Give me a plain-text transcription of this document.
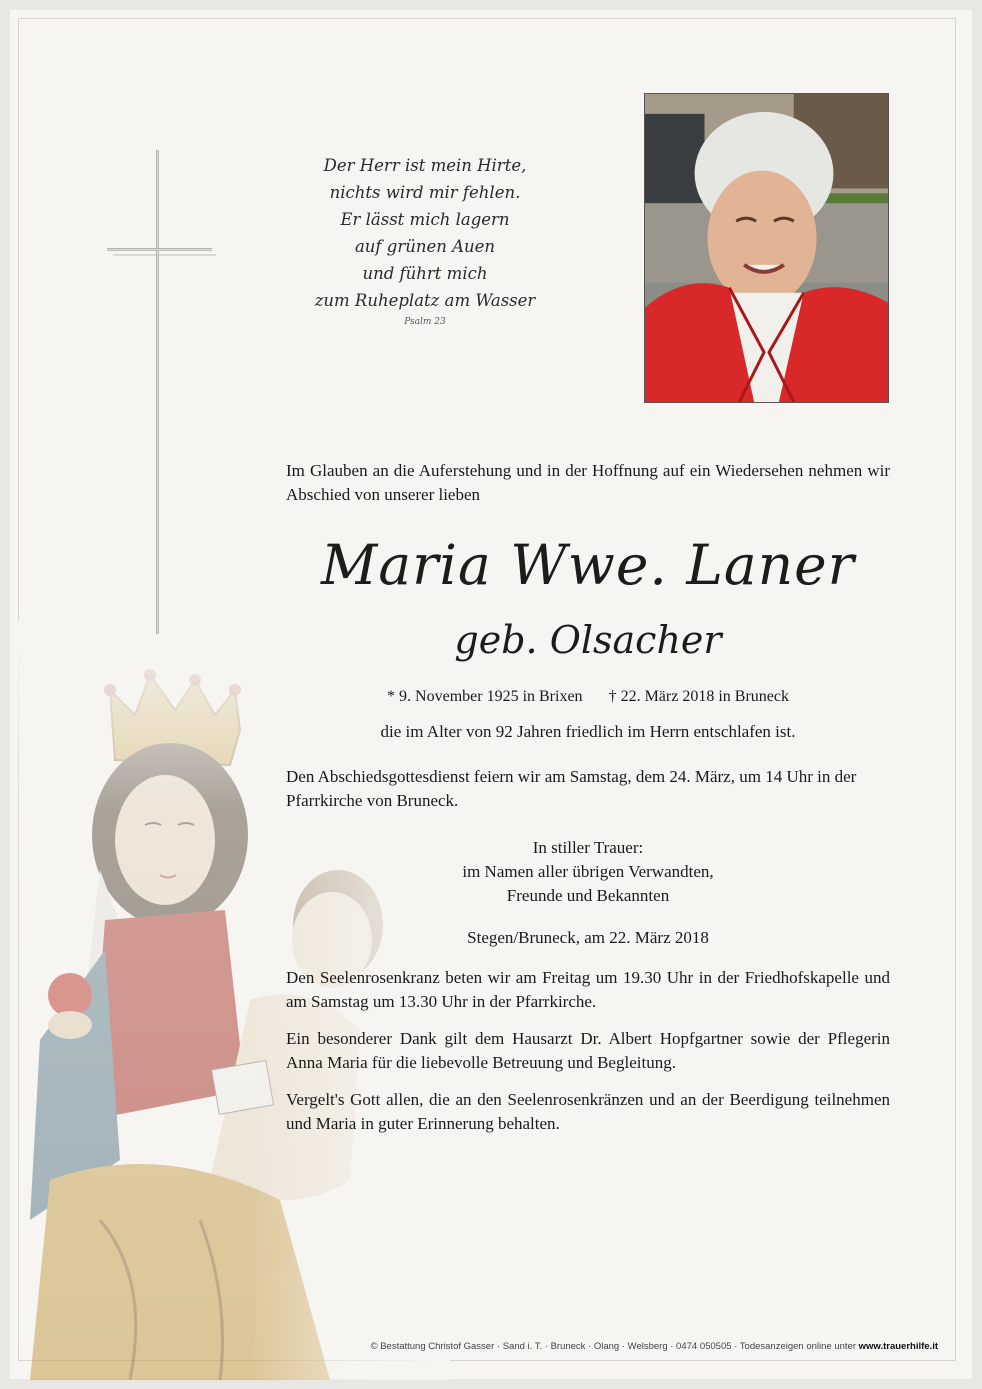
Der Herr ist mein Hirte,
nichts wird mir fehlen.
Er lässt mich lagern
auf grünen Auen
und führt mich
zum Ruheplatz am Wasser
Psalm 23
Im Glauben an die Auferstehung und in der Hoffnung auf ein Wiedersehen nehmen wir Abschied von unserer lieben
Maria Wwe. Laner
geb. Olsacher
* 9. November 1925 in Brixen † 22. März 2018 in Bruneck
die im Alter von 92 Jahren friedlich im Herrn entschlafen ist.
Den Abschiedsgottesdienst feiern wir am Samstag, dem 24. März, um 14 Uhr in der Pfarrkirche von Bruneck.
In stiller Trauer:
im Namen aller übrigen Verwandten,
Freunde und Bekannten
Stegen/Bruneck, am 22. März 2018
Den Seelenrosenkranz beten wir am Freitag um 19.30 Uhr in der Friedhofskapelle und am Samstag um 13.30 Uhr in der Pfarrkirche.
Ein besonderer Dank gilt dem Hausarzt Dr. Albert Hopfgartner sowie der Pflegerin Anna Maria für die liebevolle Betreuung und Begleitung.
Vergelt's Gott allen, die an den Seelenrosenkränzen und an der Beerdigung teilnehmen und Maria in guter Erinnerung behalten.
© Bestattung Christof Gasser · Sand i. T. · Bruneck · Olang · Welsberg · 0474 050505 · Todesanzeigen online unter www.trauerhilfe.it
